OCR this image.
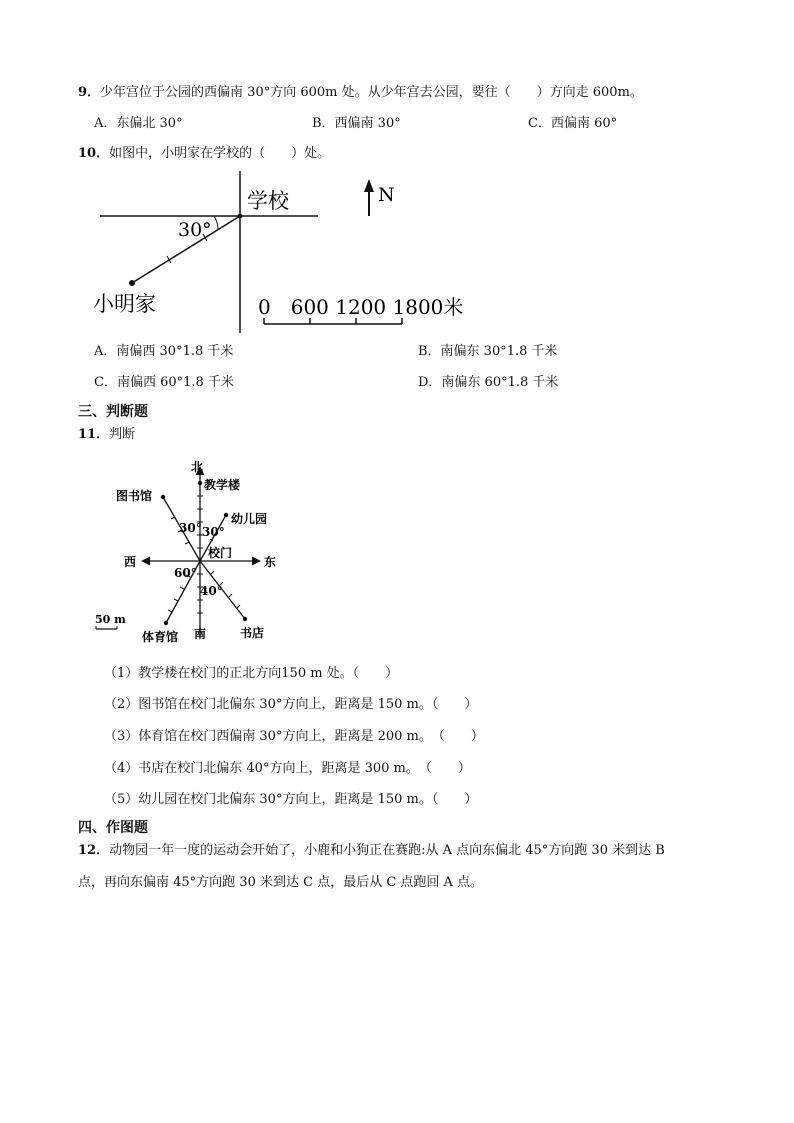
9．少年宫位于公园的西偏南 30°方向 600m 处。从少年宫去公园，要往（　　）方向走 600m。
A．东偏北 30°	B．西偏南 30°	C．西偏南 60°
10．如图中，小明家在学校的（　　）处。
30°
学校
小明家
N
0　600 1200 1800米
A．南偏西 30°1.8 千米	B．南偏东 30°1.8 千米
C．南偏西 60°1.8 千米	D．南偏东 60°1.8 千米
三、判断题
11．判断
北
教学楼
图书馆
幼儿园
30° 30°
校门
西	东
60°
40°
体育馆 南	书店
50 m
（1）教学楼在校门的正北方向150 m 处。（　　）
（2）图书馆在校门北偏东 30°方向上，距离是 150 m。（　　）
（3）体育馆在校门西偏南 30°方向上，距离是 200 m。　（　　）
（4）书店在校门北偏东 40°方向上，距离是 300 m。　（　　）
（5）幼儿园在校门北偏东 30°方向上，距离是 150 m。（　　）
四、作图题
12．动物园一年一度的运动会开始了，小鹿和小狗正在赛跑:从 A 点向东偏北 45°方向跑 30 米到达 B
点，再向东偏南 45°方向跑 30 米到达 C 点，最后从 C 点跑回 A 点。
